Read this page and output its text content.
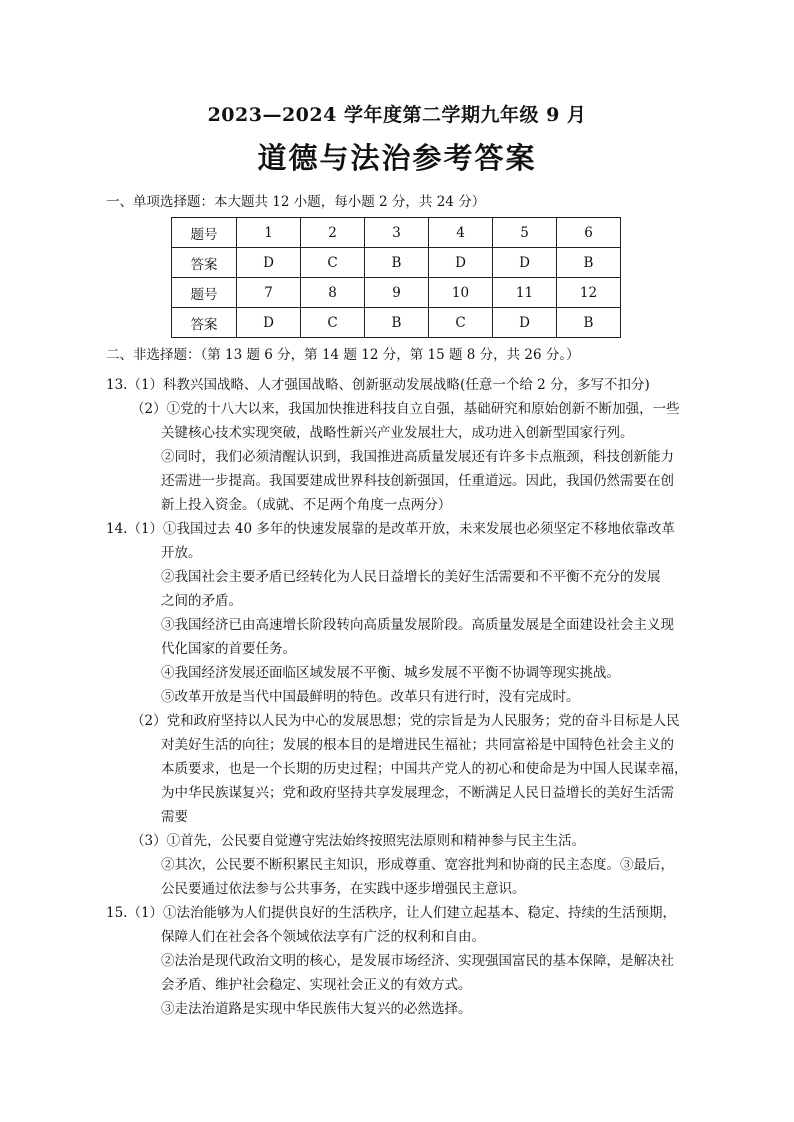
2023—2024 学年度第二学期九年级 9 月
道德与法治参考答案
一、单项选择题：本大题共 12 小题，每小题 2 分，共 24 分）
题号	1	2	3	4	5	6
答案	D	C	B	D	D	B
题号	7	8	9	10	11	12
答案	D	C	B	C	D	B
二、非选择题：（第 13 题 6 分，第 14 题 12 分，第 15 题 8 分，共 26 分。）
13.（1）科教兴国战略、人才强国战略、创新驱动发展战略(任意一个给 2 分，多写不扣分)
（2）①党的十八大以来，我国加快推进科技自立自强，基础研究和原始创新不断加强，一些
关键核心技术实现突破，战略性新兴产业发展壮大，成功进入创新型国家行列。
②同时，我们必须清醒认识到，我国推进高质量发展还有许多卡点瓶颈，科技创新能力
还需进一步提高。我国要建成世界科技创新强国，任重道远。因此，我国仍然需要在创
新上投入资金。（成就、不足两个角度一点两分）
14.（1）①我国过去 40 多年的快速发展靠的是改革开放，未来发展也必须坚定不移地依靠改革
开放。
②我国社会主要矛盾已经转化为人民日益增长的美好生活需要和不平衡不充分的发展
之间的矛盾。
③我国经济已由高速增长阶段转向高质量发展阶段。高质量发展是全面建设社会主义现
代化国家的首要任务。
④我国经济发展还面临区域发展不平衡、城乡发展不平衡不协调等现实挑战。
⑤改革开放是当代中国最鲜明的特色。改革只有进行时，没有完成时。
（2）党和政府坚持以人民为中心的发展思想；党的宗旨是为人民服务；党的奋斗目标是人民
对美好生活的向往；发展的根本目的是增进民生福祉；共同富裕是中国特色社会主义的
本质要求，也是一个长期的历史过程；中国共产党人的初心和使命是为中国人民谋幸福，
为中华民族谋复兴；党和政府坚持共享发展理念，不断满足人民日益增长的美好生活需
需要
（3）①首先，公民要自觉遵守宪法始终按照宪法原则和精神参与民主生活。
②其次，公民要不断积累民主知识，形成尊重、宽容批判和协商的民主态度。③最后，
公民要通过依法参与公共事务，在实践中逐步增强民主意识。
15.（1）①法治能够为人们提供良好的生活秩序，让人们建立起基本、稳定、持续的生活预期，
保障人们在社会各个领域依法享有广泛的权利和自由。
②法治是现代政治文明的核心，是发展市场经济、实现强国富民的基本保障，是解决社
会矛盾、维护社会稳定、实现社会正义的有效方式。
③走法治道路是实现中华民族伟大复兴的必然选择。
